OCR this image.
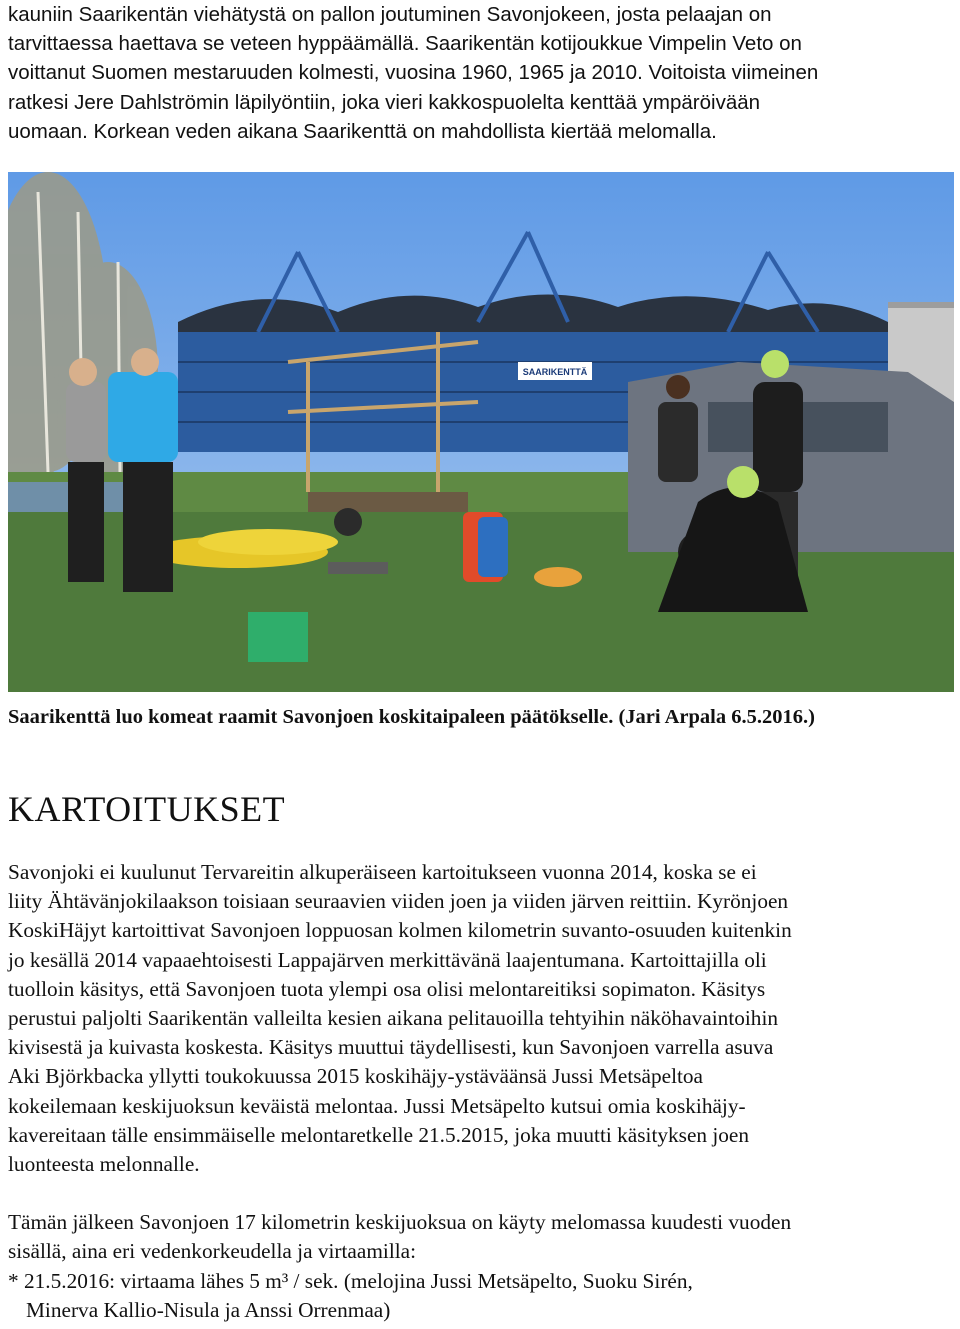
kauniin Saarikentän viehätystä on pallon joutuminen Savonjokeen, josta pelaajan on

tarvittaessa haettava se veteen hyppäämällä. Saarikentän kotijoukkue Vimpelin Veto on

voittanut Suomen mestaruuden kolmesti, vuosina 1960, 1965 ja 2010. Voitoista viimeinen

ratkesi Jere Dahlströmin läpilyöntiin, joka vieri kakkospuolelta kenttää ympäröivään

uomaan. Korkean veden aikana Saarikenttä on mahdollista kiertää melomalla.

SAARIKENTTÄ
Saarikenttä luo komeat raamit Savonjoen koskitaipaleen päätökselle. (Jari Arpala 6.5.2016.)
KARTOITUKSET

Savonjoki ei kuulunut Tervareitin alkuperäiseen kartoitukseen vuonna 2014, koska se ei

liity Ähtävänjokilaakson toisiaan seuraavien viiden joen ja viiden järven reittiin. Kyrönjoen

KoskiHäjyt kartoittivat Savonjoen loppuosan kolmen kilometrin suvanto-osuuden kuitenkin

jo kesällä 2014 vapaaehtoisesti Lappajärven merkittävänä laajentumana. Kartoittajilla oli

tuolloin käsitys, että Savonjoen tuota ylempi osa olisi melontareitiksi sopimaton. Käsitys

perustui paljolti Saarikentän valleilta kesien aikana pelitauoilla tehtyihin näköhavaintoihin

kivisestä ja kuivasta koskesta. Käsitys muuttui täydellisesti, kun Savonjoen varrella asuva

Aki Björkbacka yllytti toukokuussa 2015 koskihäjy-ystäväänsä Jussi Metsäpeltoa

kokeilemaan keskijuoksun keväistä melontaa. Jussi Metsäpelto kutsui omia koskihäjy-

kavereitaan tälle ensimmäiselle melontaretkelle 21.5.2015, joka muutti käsityksen joen

luonteesta melonnalle.

Tämän jälkeen Savonjoen 17 kilometrin keskijuoksua on käyty melomassa kuudesti vuoden

sisällä, aina eri vedenkorkeudella ja virtaamilla:

* 21.5.2016: virtaama lähes 5 m³ / sek. (melojina Jussi Metsäpelto, Suoku Sirén,

Minerva Kallio-Nisula ja Anssi Orrenmaa)
